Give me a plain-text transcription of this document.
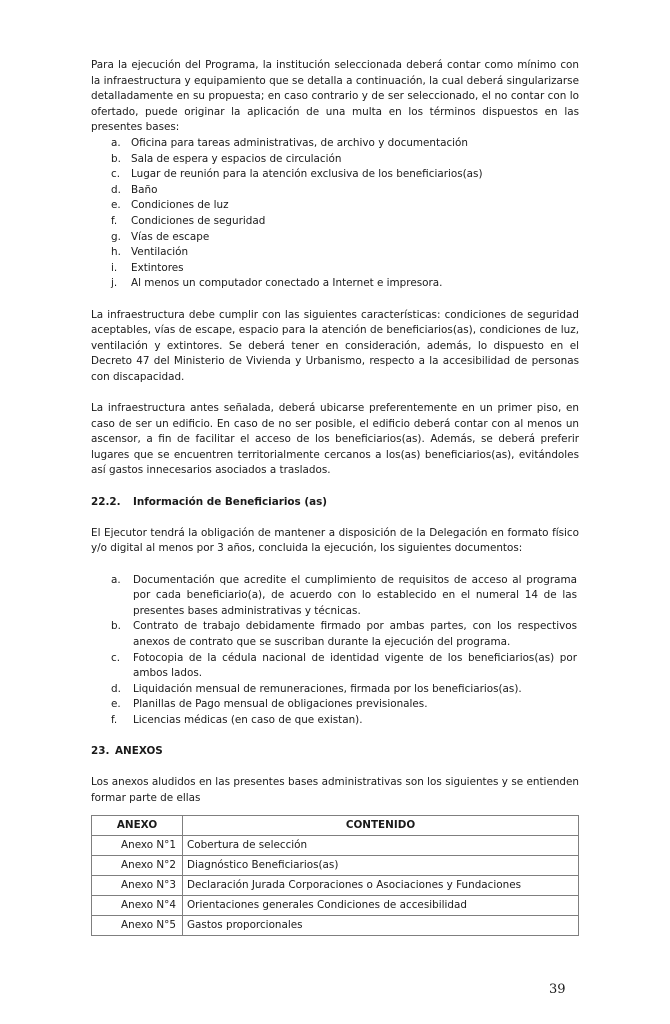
Para la ejecución del Programa, la institución seleccionada deberá contar como mínimo con la infraestructura y equipamiento que se detalla a continuación, la cual deberá singularizarse detalladamente en su propuesta; en caso contrario y de ser seleccionado, el no contar con lo ofertado, puede originar la aplicación de una multa en los términos dispuestos en las presentes bases:

a. Oficina para tareas administrativas, de archivo y documentación
b. Sala de espera y espacios de circulación
c. Lugar de reunión para la atención exclusiva de los beneficiarios(as)
d. Baño
e. Condiciones de luz
f. Condiciones de seguridad
g. Vías de escape
h. Ventilación
i. Extintores
j. Al menos un computador conectado a Internet e impresora.

La infraestructura debe cumplir con las siguientes características: condiciones de seguridad aceptables, vías de escape, espacio para la atención de beneficiarios(as), condiciones de luz, ventilación y extintores. Se deberá tener en consideración, además, lo dispuesto en el Decreto 47 del Ministerio de Vivienda y Urbanismo, respecto a la accesibilidad de personas con discapacidad.

La infraestructura antes señalada, deberá ubicarse preferentemente en un primer piso, en caso de ser un edificio. En caso de no ser posible, el edificio deberá contar con al menos un ascensor, a fin de facilitar el acceso de los beneficiarios(as). Además, se deberá preferir lugares que se encuentren territorialmente cercanos a los(as) beneficiarios(as), evitándoles así gastos innecesarios asociados a traslados.

22.2. Información de Beneficiarios (as)

El Ejecutor tendrá la obligación de mantener a disposición de la Delegación en formato físico y/o digital al menos por 3 años, concluida la ejecución, los siguientes documentos:

a. Documentación que acredite el cumplimiento de requisitos de acceso al programa por cada beneficiario(a), de acuerdo con lo establecido en el numeral 14 de las presentes bases administrativas y técnicas.
b. Contrato de trabajo debidamente firmado por ambas partes, con los respectivos anexos de contrato que se suscriban durante la ejecución del programa.
c. Fotocopia de la cédula nacional de identidad vigente de los beneficiarios(as) por ambos lados.
d. Liquidación mensual de remuneraciones, firmada por los beneficiarios(as).
e. Planillas de Pago mensual de obligaciones previsionales.
f. Licencias médicas (en caso de que existan).
23. ANEXOS

Los anexos aludidos en las presentes bases administrativas son los siguientes y se entienden formar parte de ellas

ANEXO	CONTENIDO
Anexo N°1	Cobertura de selección
Anexo N°2	Diagnóstico Beneficiarios(as)
Anexo N°3	Declaración Jurada Corporaciones o Asociaciones y Fundaciones
Anexo N°4	Orientaciones generales Condiciones de accesibilidad
Anexo N°5	Gastos proporcionales
39
